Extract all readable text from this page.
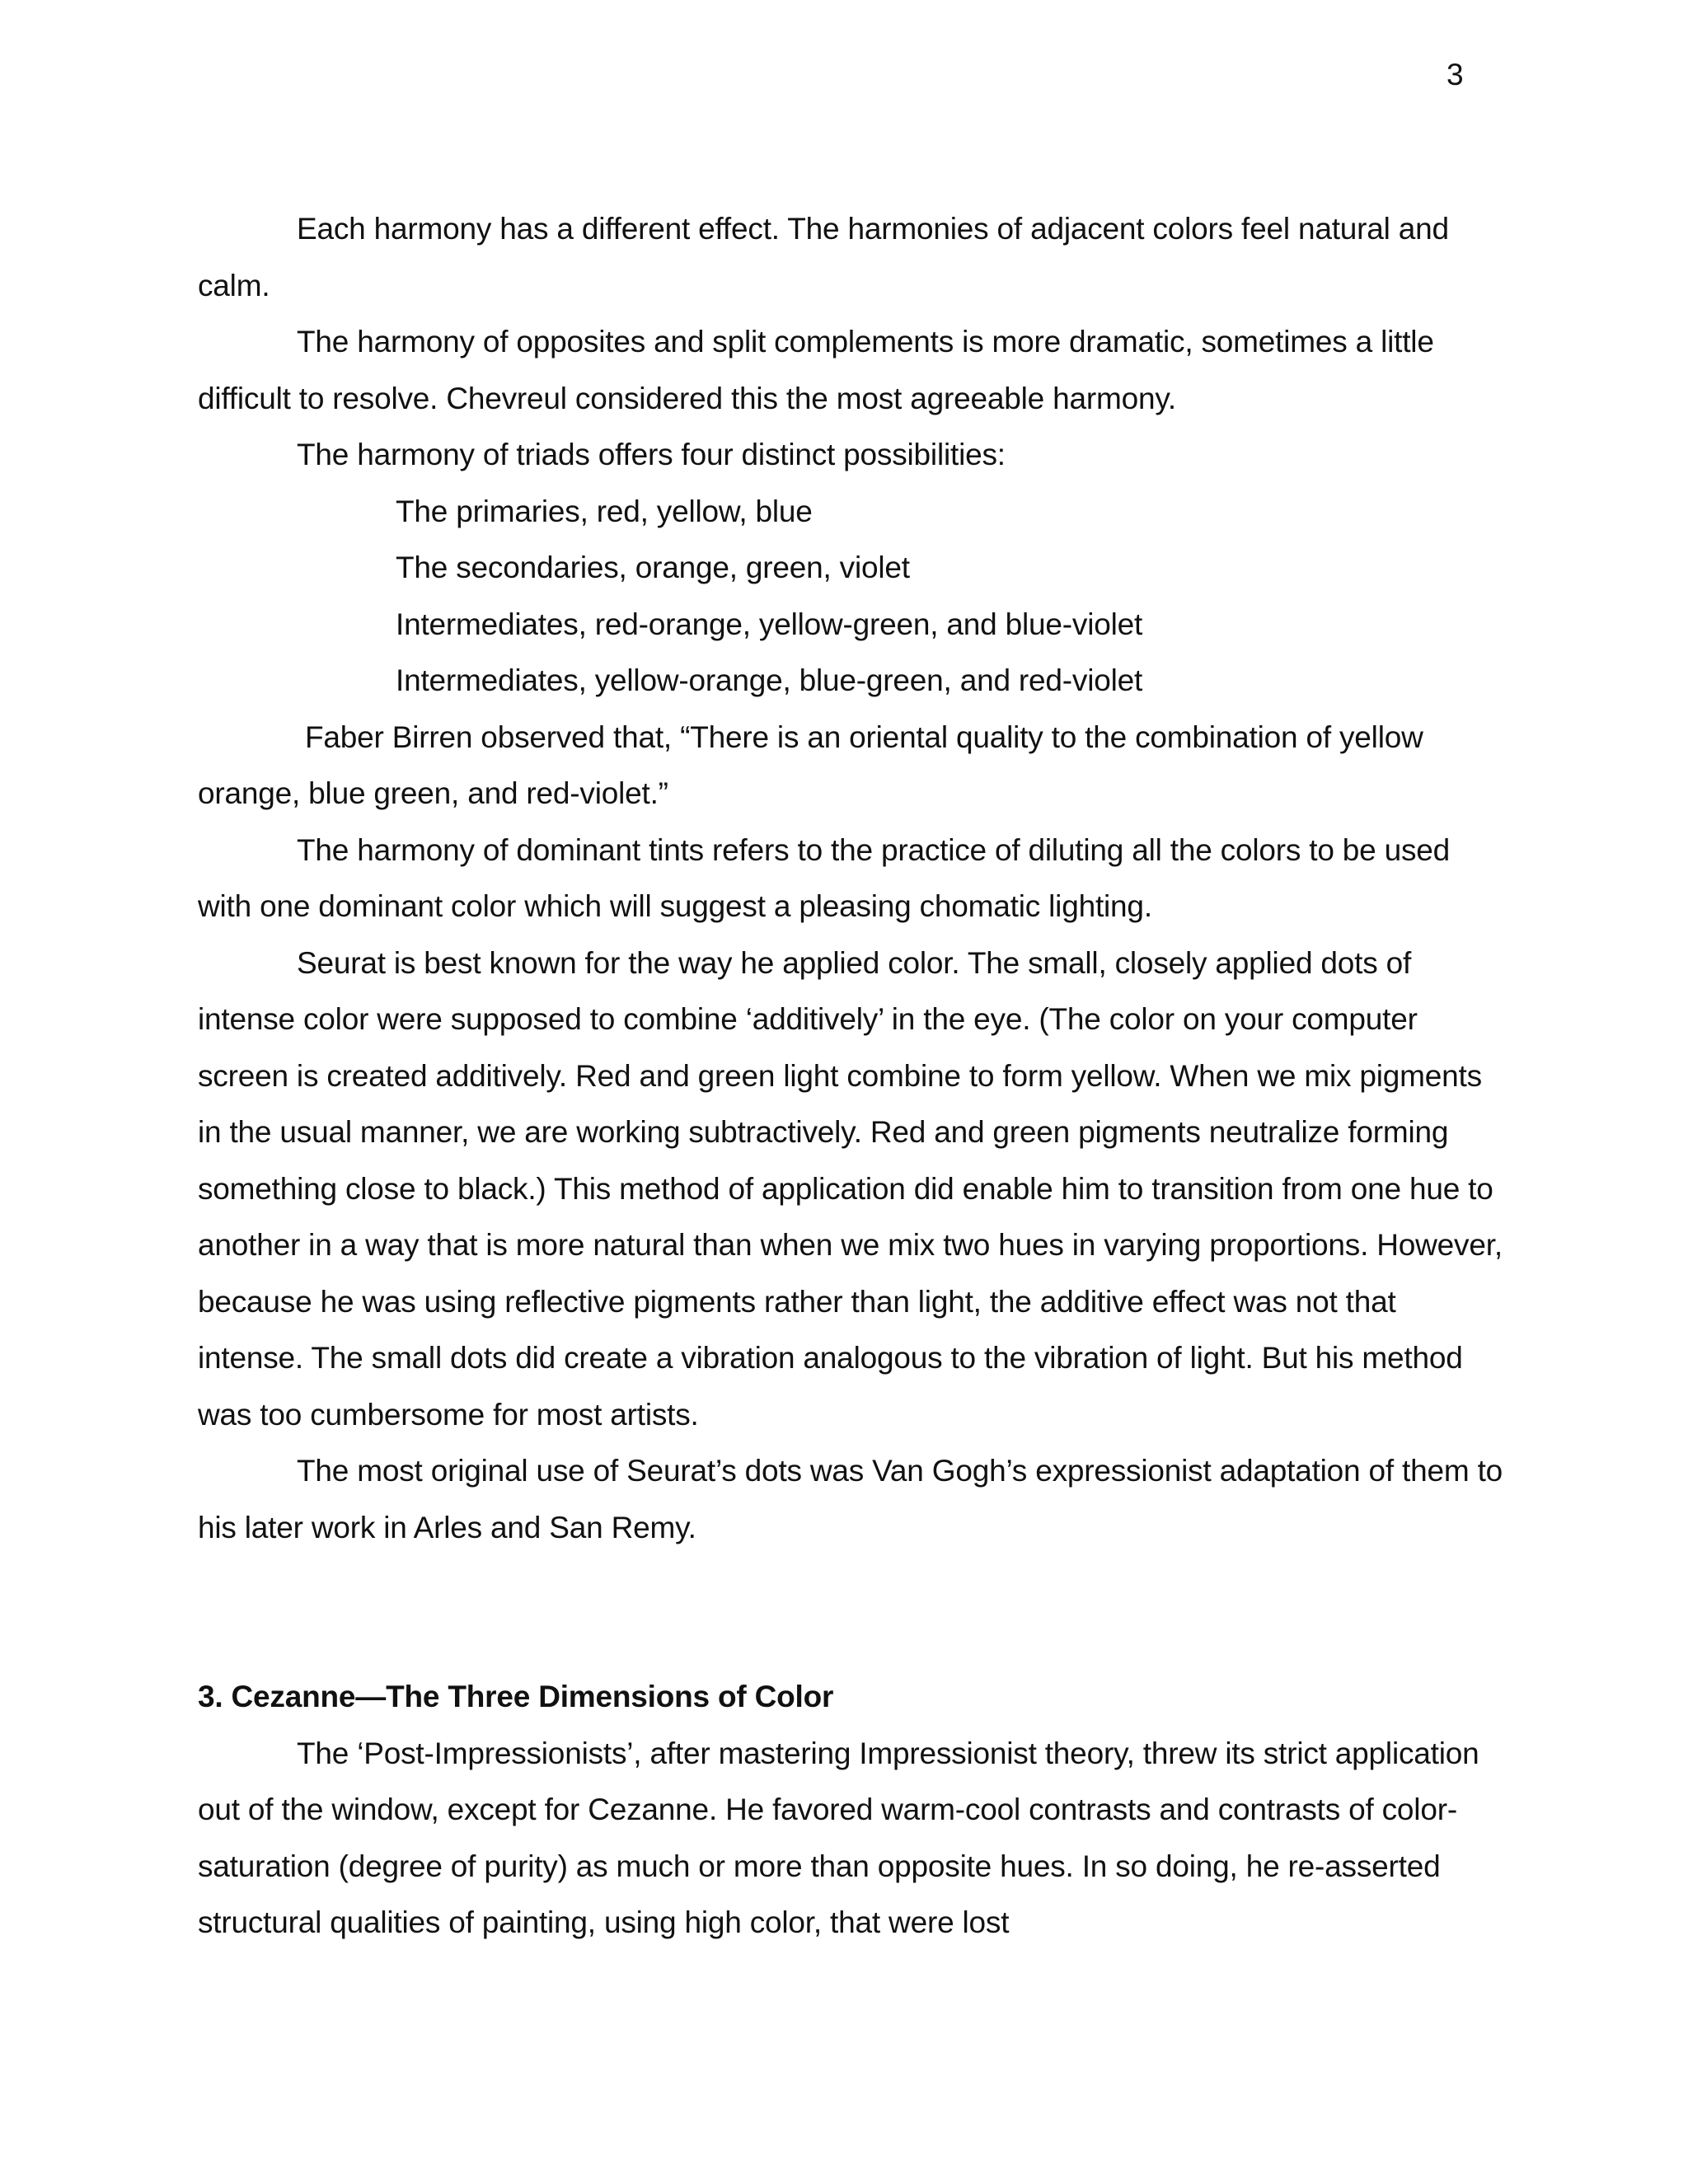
3

Each harmony has a different effect. The harmonies of adjacent colors feel natural and calm.

The harmony of opposites and split complements is more dramatic, sometimes a little difficult to resolve. Chevreul considered this the most agreeable harmony.

The harmony of triads offers four distinct possibilities:

The primaries, red, yellow, blue

The secondaries, orange, green, violet

Intermediates, red-orange, yellow-green, and blue-violet

Intermediates, yellow-orange, blue-green, and red-violet

Faber Birren observed that, “There is an oriental quality to the combination of yellow orange, blue green, and red-violet.”

The harmony of dominant tints refers to the practice of diluting all the colors to be used with one dominant color which will suggest a pleasing chomatic lighting.

Seurat is best known for the way he applied color. The small, closely applied dots of intense color were supposed to combine ‘additively’ in the eye. (The color on your computer screen is created additively. Red and green light combine to form yellow. When we mix pigments in the usual manner, we are working subtractively. Red and green pigments neutralize forming something close to black.) This method of application did enable him to transition from one hue to another in a way that is more natural than when we mix two hues in varying proportions. However, because he was using reflective pigments rather than light, the additive effect was not that intense. The small dots did create a vibration analogous to the vibration of light. But his method was too cumbersome for most artists.

The most original use of Seurat’s dots was Van Gogh’s expressionist adaptation of them to his later work in Arles and San Remy.

3. Cezanne—The Three Dimensions of Color

The ‘Post-Impressionists’, after mastering Impressionist theory, threw its strict application out of the window, except for Cezanne. He favored warm-cool contrasts and contrasts of color-saturation (degree of purity) as much or more than opposite hues. In so doing, he re-asserted structural qualities of painting, using high color, that were lost
